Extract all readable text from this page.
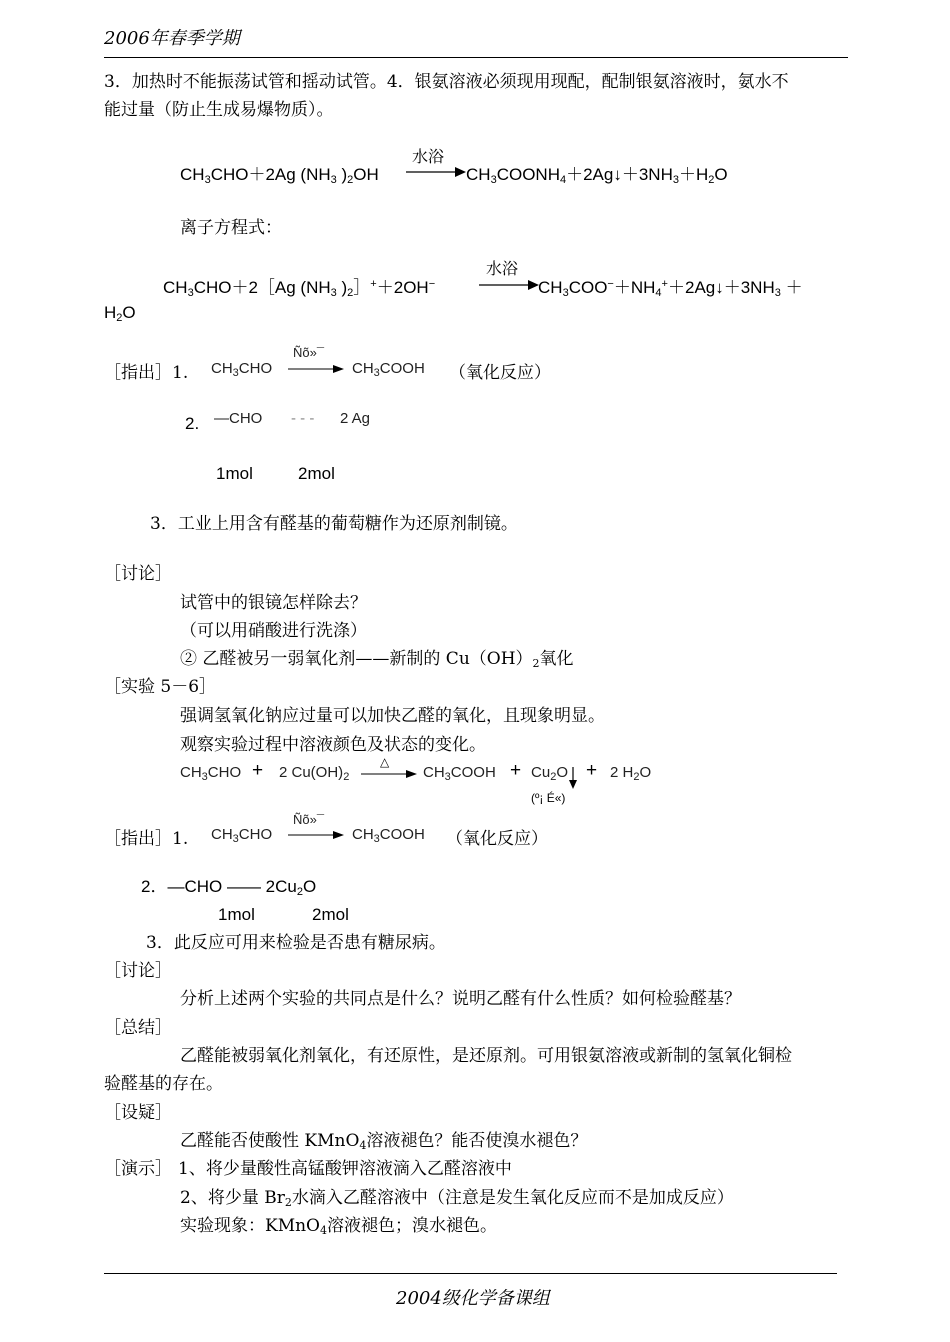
2006年春季学期
3．加热时不能振荡试管和摇动试管。4．银氨溶液必须现用现配，配制银氨溶液时，氨水不
能过量（防止生成易爆物质）。
$CH_3CHO+2Ag$ ($NH_3$ )$_2OH$
水浴
→ $CH_3COONH_4+2Ag↓+3NH_3+H_2O$
离子方程式：
$CH_3CHO+2[Ag$ ($NH_3$ )$_2]^++2OH^-$
水浴
$CH_3COO^-+NH_4^++2Ag↓+3NH_3$ ＋
$H_2O$
［指出］1. $CH_3CHO$
Ñõ»¯
→ $CH_3COOH$ （氧化反应）
2. —CHO - - - 2 Ag
1mol	2mol
3．工业上用含有醛基的葡萄糖作为还原剂制镜。
［讨论］
试管中的银镜怎样除去？
（可以用硝酸进行洗涤）
② 乙醛被另一弱氧化剂——新制的 $Cu(OH)_2$氧化
［实验 5－6］
强调氢氧化钠应过量可以加快乙醛的氧化，且现象明显。
观察实验过程中溶液颜色及状态的变化。
$CH_3CHO + 2$ $Cu(OH)_2$
△
→ $CH_3COOH + Cu_2O + 2$ $H_2O$
(º¡ É«)
［指出］1. $CH_3CHO$
Ñõ»¯
→ $CH_3COOH$ （氧化反应）
2．—CHO —— $2Cu_2O$
1mol	2mol
3．此反应可用来检验是否患有糖尿病。
［讨论］
分析上述两个实验的共同点是什么？说明乙醛有什么性质？如何检验醛基？
［总结］
乙醛能被弱氧化剂氧化，有还原性，是还原剂。可用银氨溶液或新制的氢氧化铜检
验醛基的存在。
［设疑］
乙醛能否使酸性 KMnO$_4$溶液褪色？能否使溴水褪色？
［演示］ 1、将少量酸性高锰酸钾溶液滴入乙醛溶液中
2、将少量 $Br_2$水滴入乙醛溶液中（注意是发生氧化反应而不是加成反应）
实验现象：KMnO$_4$溶液褪色；溴水褪色。
2004级化学备课组
